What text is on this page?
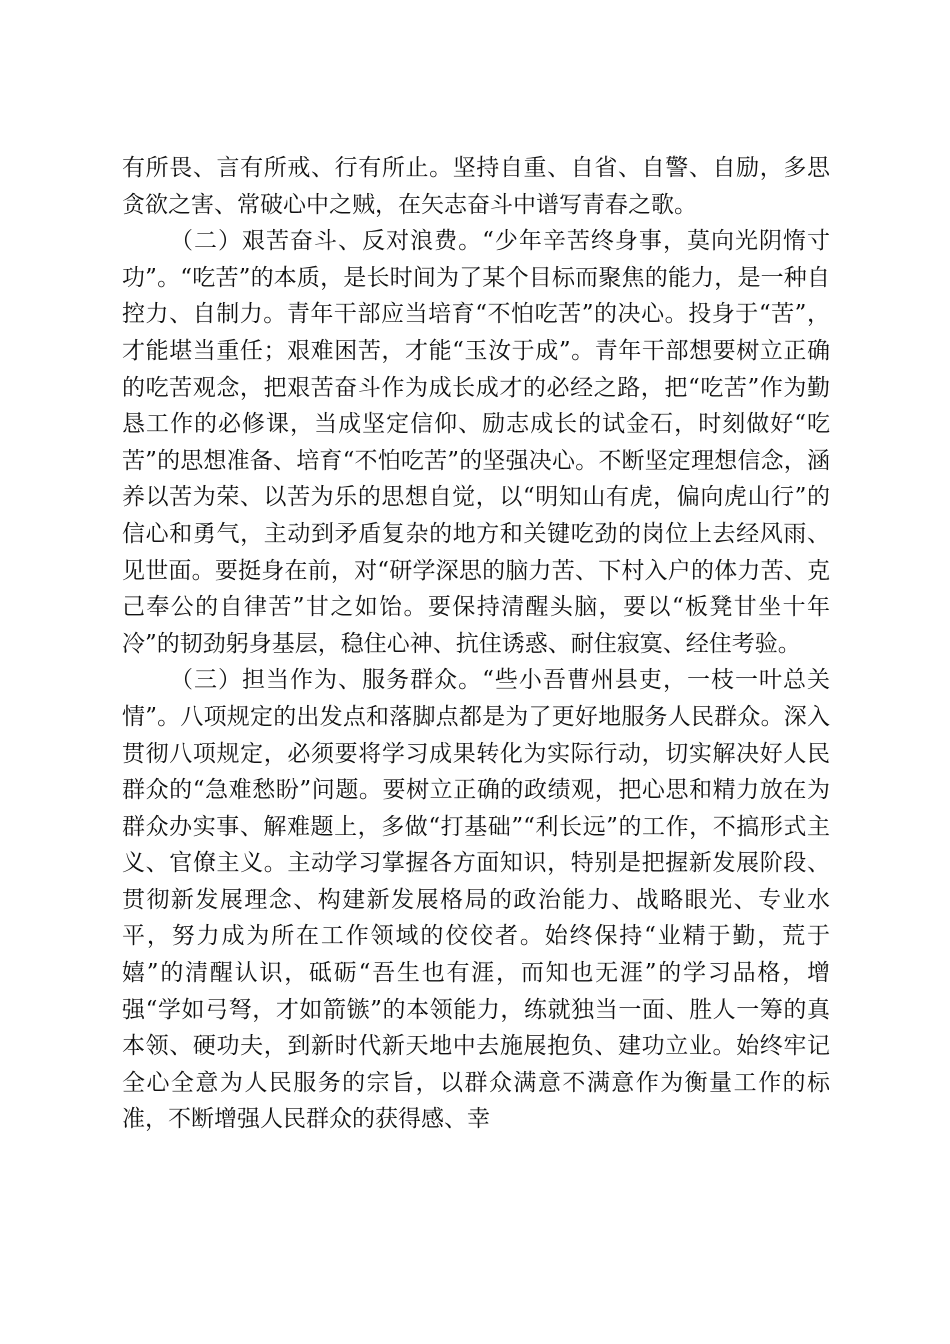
有所畏、言有所戒、行有所止。坚持自重、自省、自警、自励，多思贪欲之害、常破心中之贼，在矢志奋斗中谱写青春之歌。

（二）艰苦奋斗、反对浪费。“少年辛苦终身事，莫向光阴惰寸功”。“吃苦”的本质，是长时间为了某个目标而聚焦的能力，是一种自控力、自制力。青年干部应当培育“不怕吃苦”的决心。投身于“苦”，才能堪当重任；艰难困苦，才能“玉汝于成”。青年干部想要树立正确的吃苦观念，把艰苦奋斗作为成长成才的必经之路，把“吃苦”作为勤恳工作的必修课，当成坚定信仰、励志成长的试金石，时刻做好“吃苦”的思想准备、培育“不怕吃苦”的坚强决心。不断坚定理想信念，涵养以苦为荣、以苦为乐的思想自觉，以“明知山有虎，偏向虎山行”的信心和勇气，主动到矛盾复杂的地方和关键吃劲的岗位上去经风雨、见世面。要挺身在前，对“研学深思的脑力苦、下村入户的体力苦、克己奉公的自律苦”甘之如饴。要保持清醒头脑，要以“板凳甘坐十年冷”的韧劲躬身基层，稳住心神、抗住诱惑、耐住寂寞、经住考验。

（三）担当作为、服务群众。“些小吾曹州县吏，一枝一叶总关情”。八项规定的出发点和落脚点都是为了更好地服务人民群众。深入贯彻八项规定，必须要将学习成果转化为实际行动，切实解决好人民群众的“急难愁盼”问题。要树立正确的政绩观，把心思和精力放在为群众办实事、解难题上，多做“打基础”“利长远”的工作，不搞形式主义、官僚主义。主动学习掌握各方面知识，特别是把握新发展阶段、贯彻新发展理念、构建新发展格局的政治能力、战略眼光、专业水平，努力成为所在工作领域的佼佼者。始终保持“业精于勤，荒于嬉”的清醒认识，砥砺“吾生也有涯，而知也无涯”的学习品格，增强“学如弓弩，才如箭镞”的本领能力，练就独当一面、胜人一筹的真本领、硬功夫，到新时代新天地中去施展抱负、建功立业。始终牢记全心全意为人民服务的宗旨，以群众满意不满意作为衡量工作的标准，不断增强人民群众的获得感、幸
